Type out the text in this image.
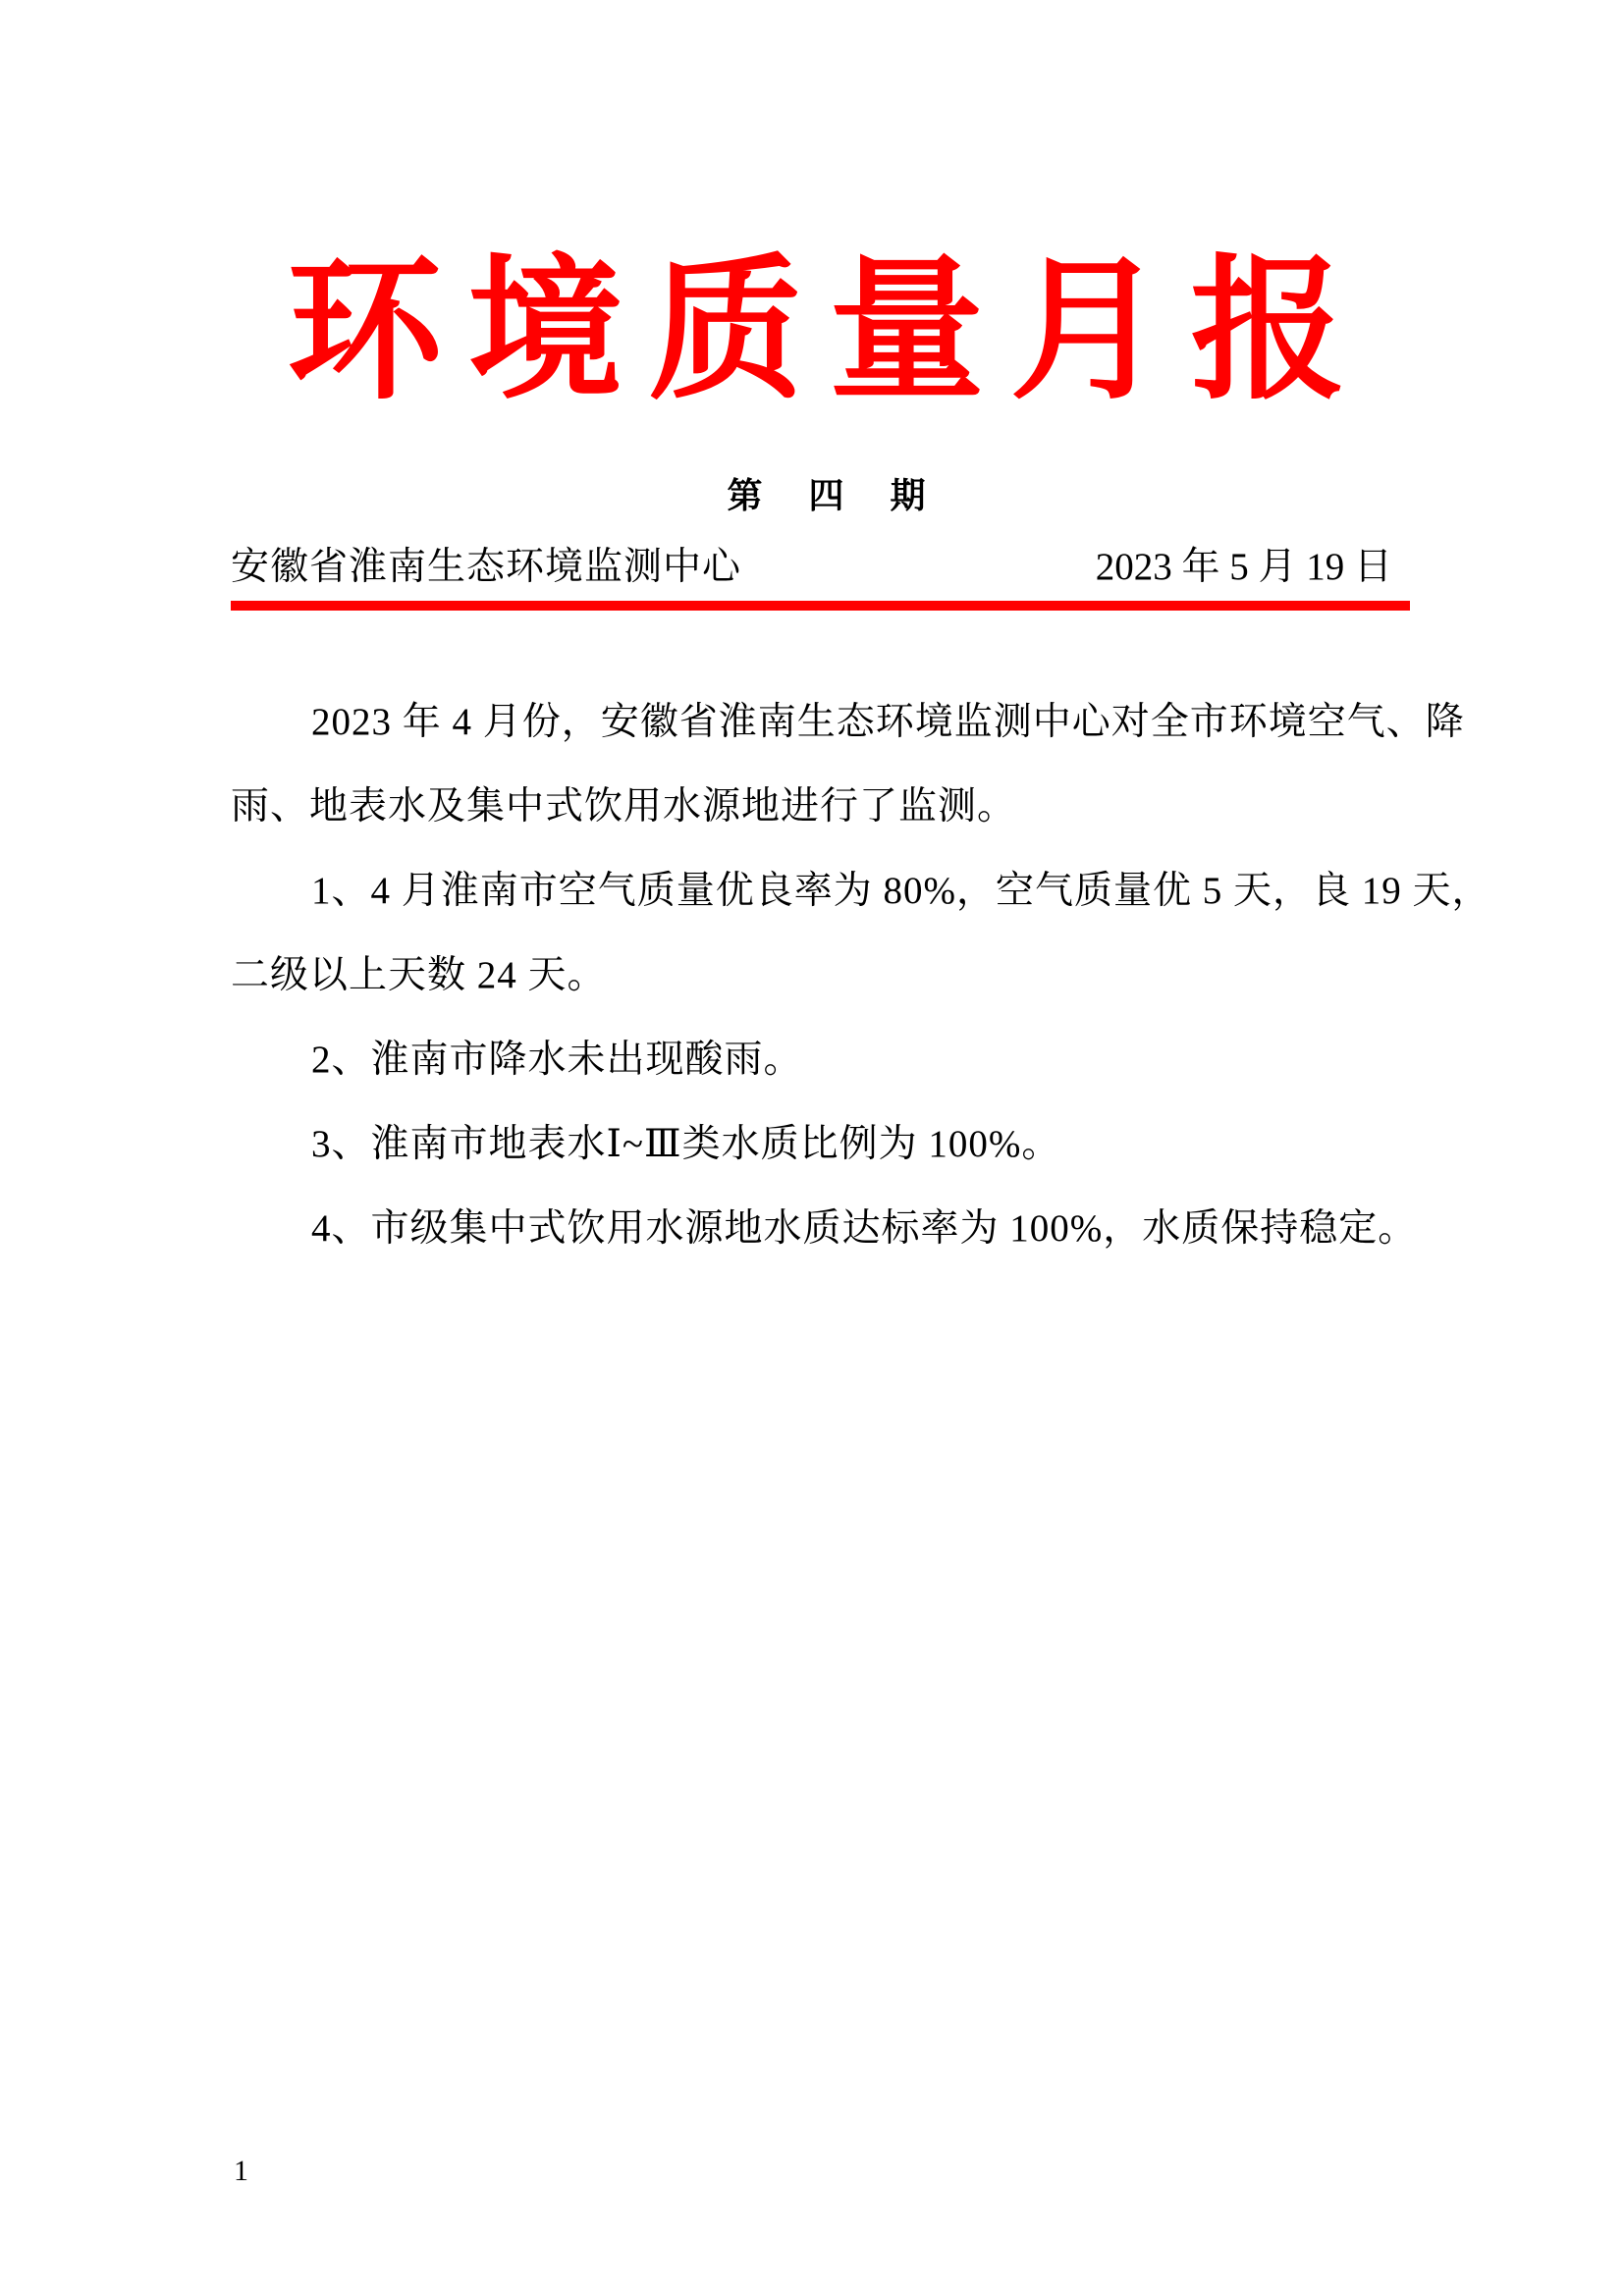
环境质量月报
第 四 期
安徽省淮南生态环境监测中心	2023 年 5 月 19 日
2023 年 4 月份，安徽省淮南生态环境监测中心对全市环境空气、降
雨、地表水及集中式饮用水源地进行了监测。
1、4 月淮南市空气质量优良率为 80%，空气质量优 5 天，良 19 天，
二级以上天数 24 天。
2、淮南市降水未出现酸雨。
3、淮南市地表水Ⅰ~Ⅲ类水质比例为 100%。
4、市级集中式饮用水源地水质达标率为 100%，水质保持稳定。
1
